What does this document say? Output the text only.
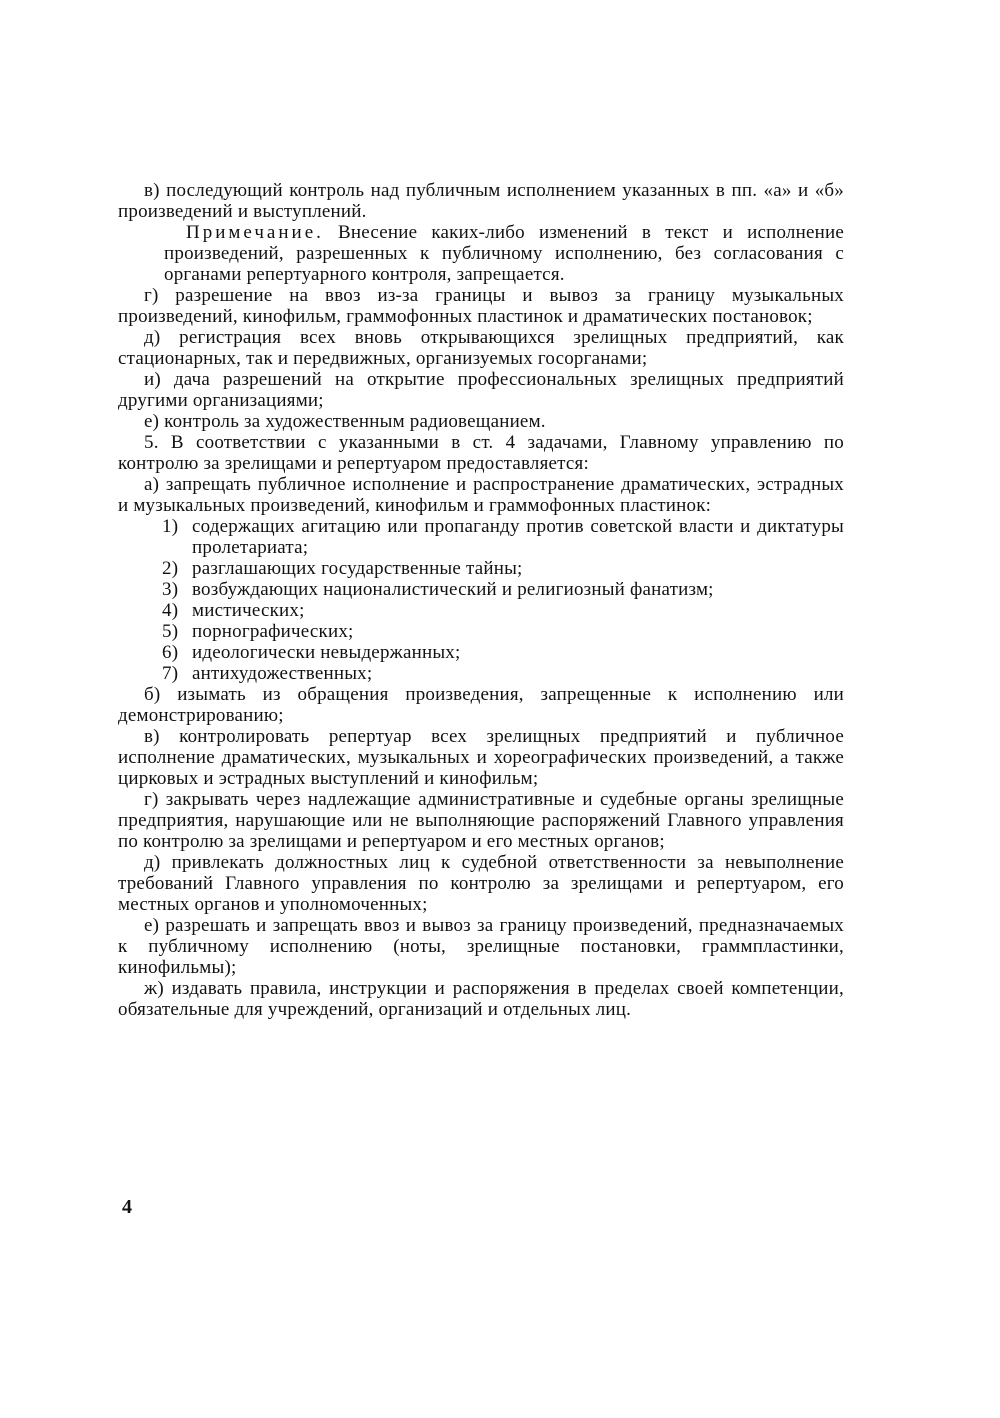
в) последующий контроль над публичным исполнением указанных в пп. «а» и «б» произведений и выступлений.

Примечание. Внесение каких-либо изменений в текст и исполнение произведений, разрешенных к публичному исполнению, без согласования с органами репертуарного контроля, запрещается.

г) разрешение на ввоз из-за границы и вывоз за границу музыкальных произведений, кинофильм, граммофонных пластинок и драматических постановок;

д) регистрация всех вновь открывающихся зрелищных предприятий, как стационарных, так и передвижных, организуемых госорганами;

и) дача разрешений на открытие профессиональных зрелищных предприятий другими организациями;

е) контроль за художественным радиовещанием.

5. В соответствии с указанными в ст. 4 задачами, Главному управлению по контролю за зрелищами и репертуаром предоставляется:

а) запрещать публичное исполнение и распространение драматических, эстрадных и музыкальных произведений, кинофильм и граммофонных пластинок:

1) содержащих агитацию или пропаганду против советской власти и диктатуры пролетариата;
2) разглашающих государственные тайны;
3) возбуждающих националистический и религиозный фанатизм;
4) мистических;
5) порнографических;
6) идеологически невыдержанных;
7) антихудожественных;

б) изымать из обращения произведения, запрещенные к исполнению или демонстрированию;

в) контролировать репертуар всех зрелищных предприятий и публичное исполнение драматических, музыкальных и хореографических произведений, а также цирковых и эстрадных выступлений и кинофильм;

г) закрывать через надлежащие административные и судебные органы зрелищные предприятия, нарушающие или не выполняющие распоряжений Главного управления по контролю за зрелищами и репертуаром и его местных органов;

д) привлекать должностных лиц к судебной ответственности за невыполнение требований Главного управления по контролю за зрелищами и репертуаром, его местных органов и уполномоченных;

е) разрешать и запрещать ввоз и вывоз за границу произведений, предназначаемых к публичному исполнению (ноты, зрелищные постановки, граммпластинки, кинофильмы);

ж) издавать правила, инструкции и распоряжения в пределах своей компетенции, обязательные для учреждений, организаций и отдельных лиц.

4
